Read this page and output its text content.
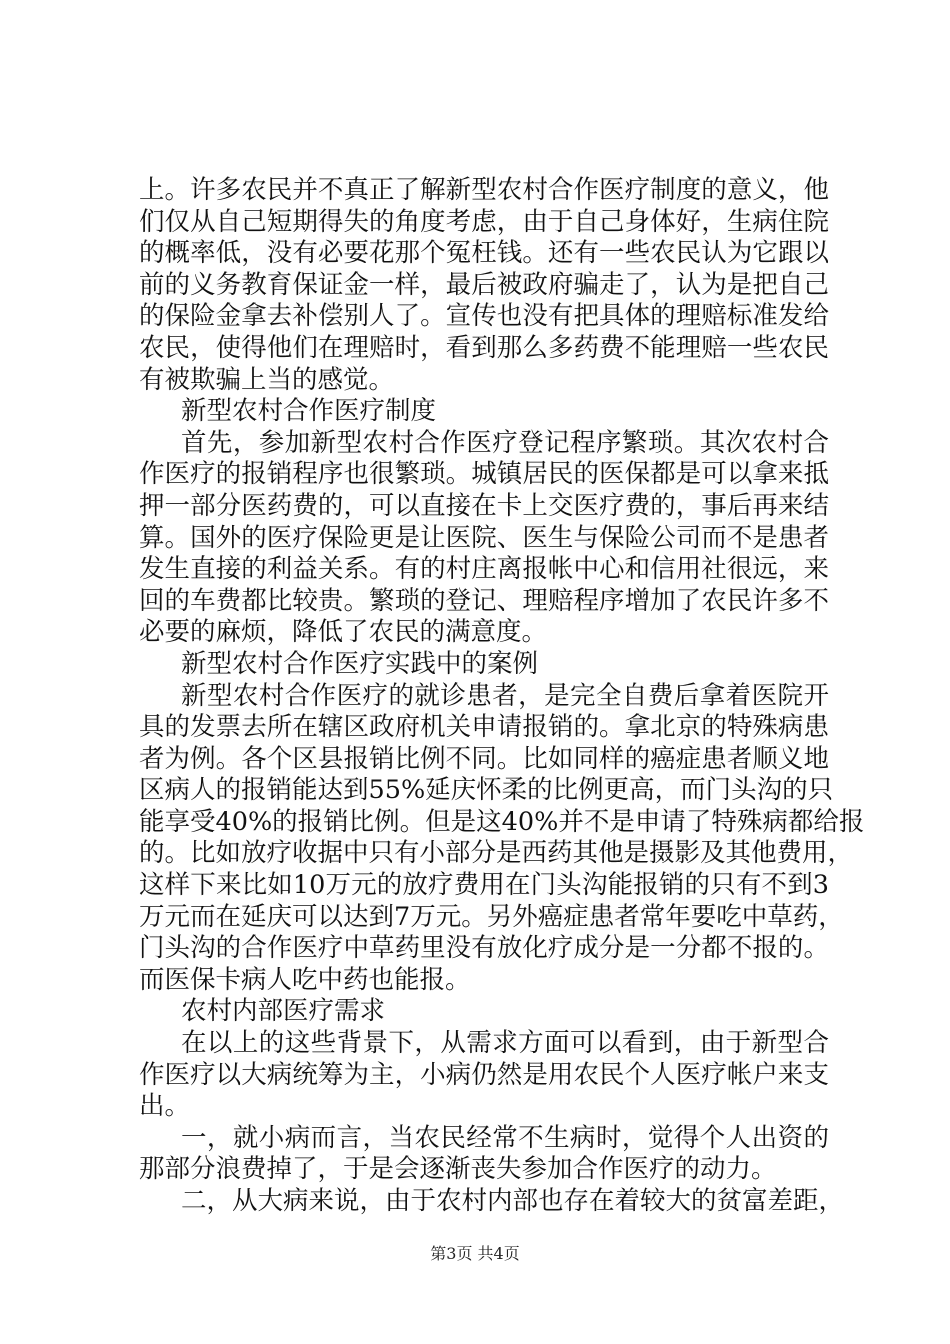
上。许多农民并不真正了解新型农村合作医疗制度的意义，他
们仅从自己短期得失的角度考虑，由于自己身体好，生病住院
的概率低，没有必要花那个冤枉钱。还有一些农民认为它跟以
前的义务教育保证金一样，最后被政府骗走了，认为是把自己
的保险金拿去补偿别人了。宣传也没有把具体的理赔标准发给
农民，使得他们在理赔时，看到那么多药费不能理赔一些农民
有被欺骗上当的感觉。
新型农村合作医疗制度
首先，参加新型农村合作医疗登记程序繁琐。其次农村合
作医疗的报销程序也很繁琐。城镇居民的医保都是可以拿来抵
押一部分医药费的，可以直接在卡上交医疗费的，事后再来结
算。国外的医疗保险更是让医院、医生与保险公司而不是患者
发生直接的利益关系。有的村庄离报帐中心和信用社很远，来
回的车费都比较贵。繁琐的登记、理赔程序增加了农民许多不
必要的麻烦，降低了农民的满意度。
新型农村合作医疗实践中的案例
新型农村合作医疗的就诊患者，是完全自费后拿着医院开
具的发票去所在辖区政府机关申请报销的。拿北京的特殊病患
者为例。各个区县报销比例不同。比如同样的癌症患者顺义地
区病人的报销能达到55%延庆怀柔的比例更高，而门头沟的只
能享受40%的报销比例。但是这40%并不是申请了特殊病都给报
的。比如放疗收据中只有小部分是西药其他是摄影及其他费用，
这样下来比如10万元的放疗费用在门头沟能报销的只有不到3
万元而在延庆可以达到7万元。另外癌症患者常年要吃中草药，
门头沟的合作医疗中草药里没有放化疗成分是一分都不报的。
而医保卡病人吃中药也能报。
农村内部医疗需求
在以上的这些背景下，从需求方面可以看到，由于新型合
作医疗以大病统筹为主，小病仍然是用农民个人医疗帐户来支
出。
一，就小病而言，当农民经常不生病时，觉得个人出资的
那部分浪费掉了，于是会逐渐丧失参加合作医疗的动力。
二，从大病来说，由于农村内部也存在着较大的贫富差距，
第3页 共4页
